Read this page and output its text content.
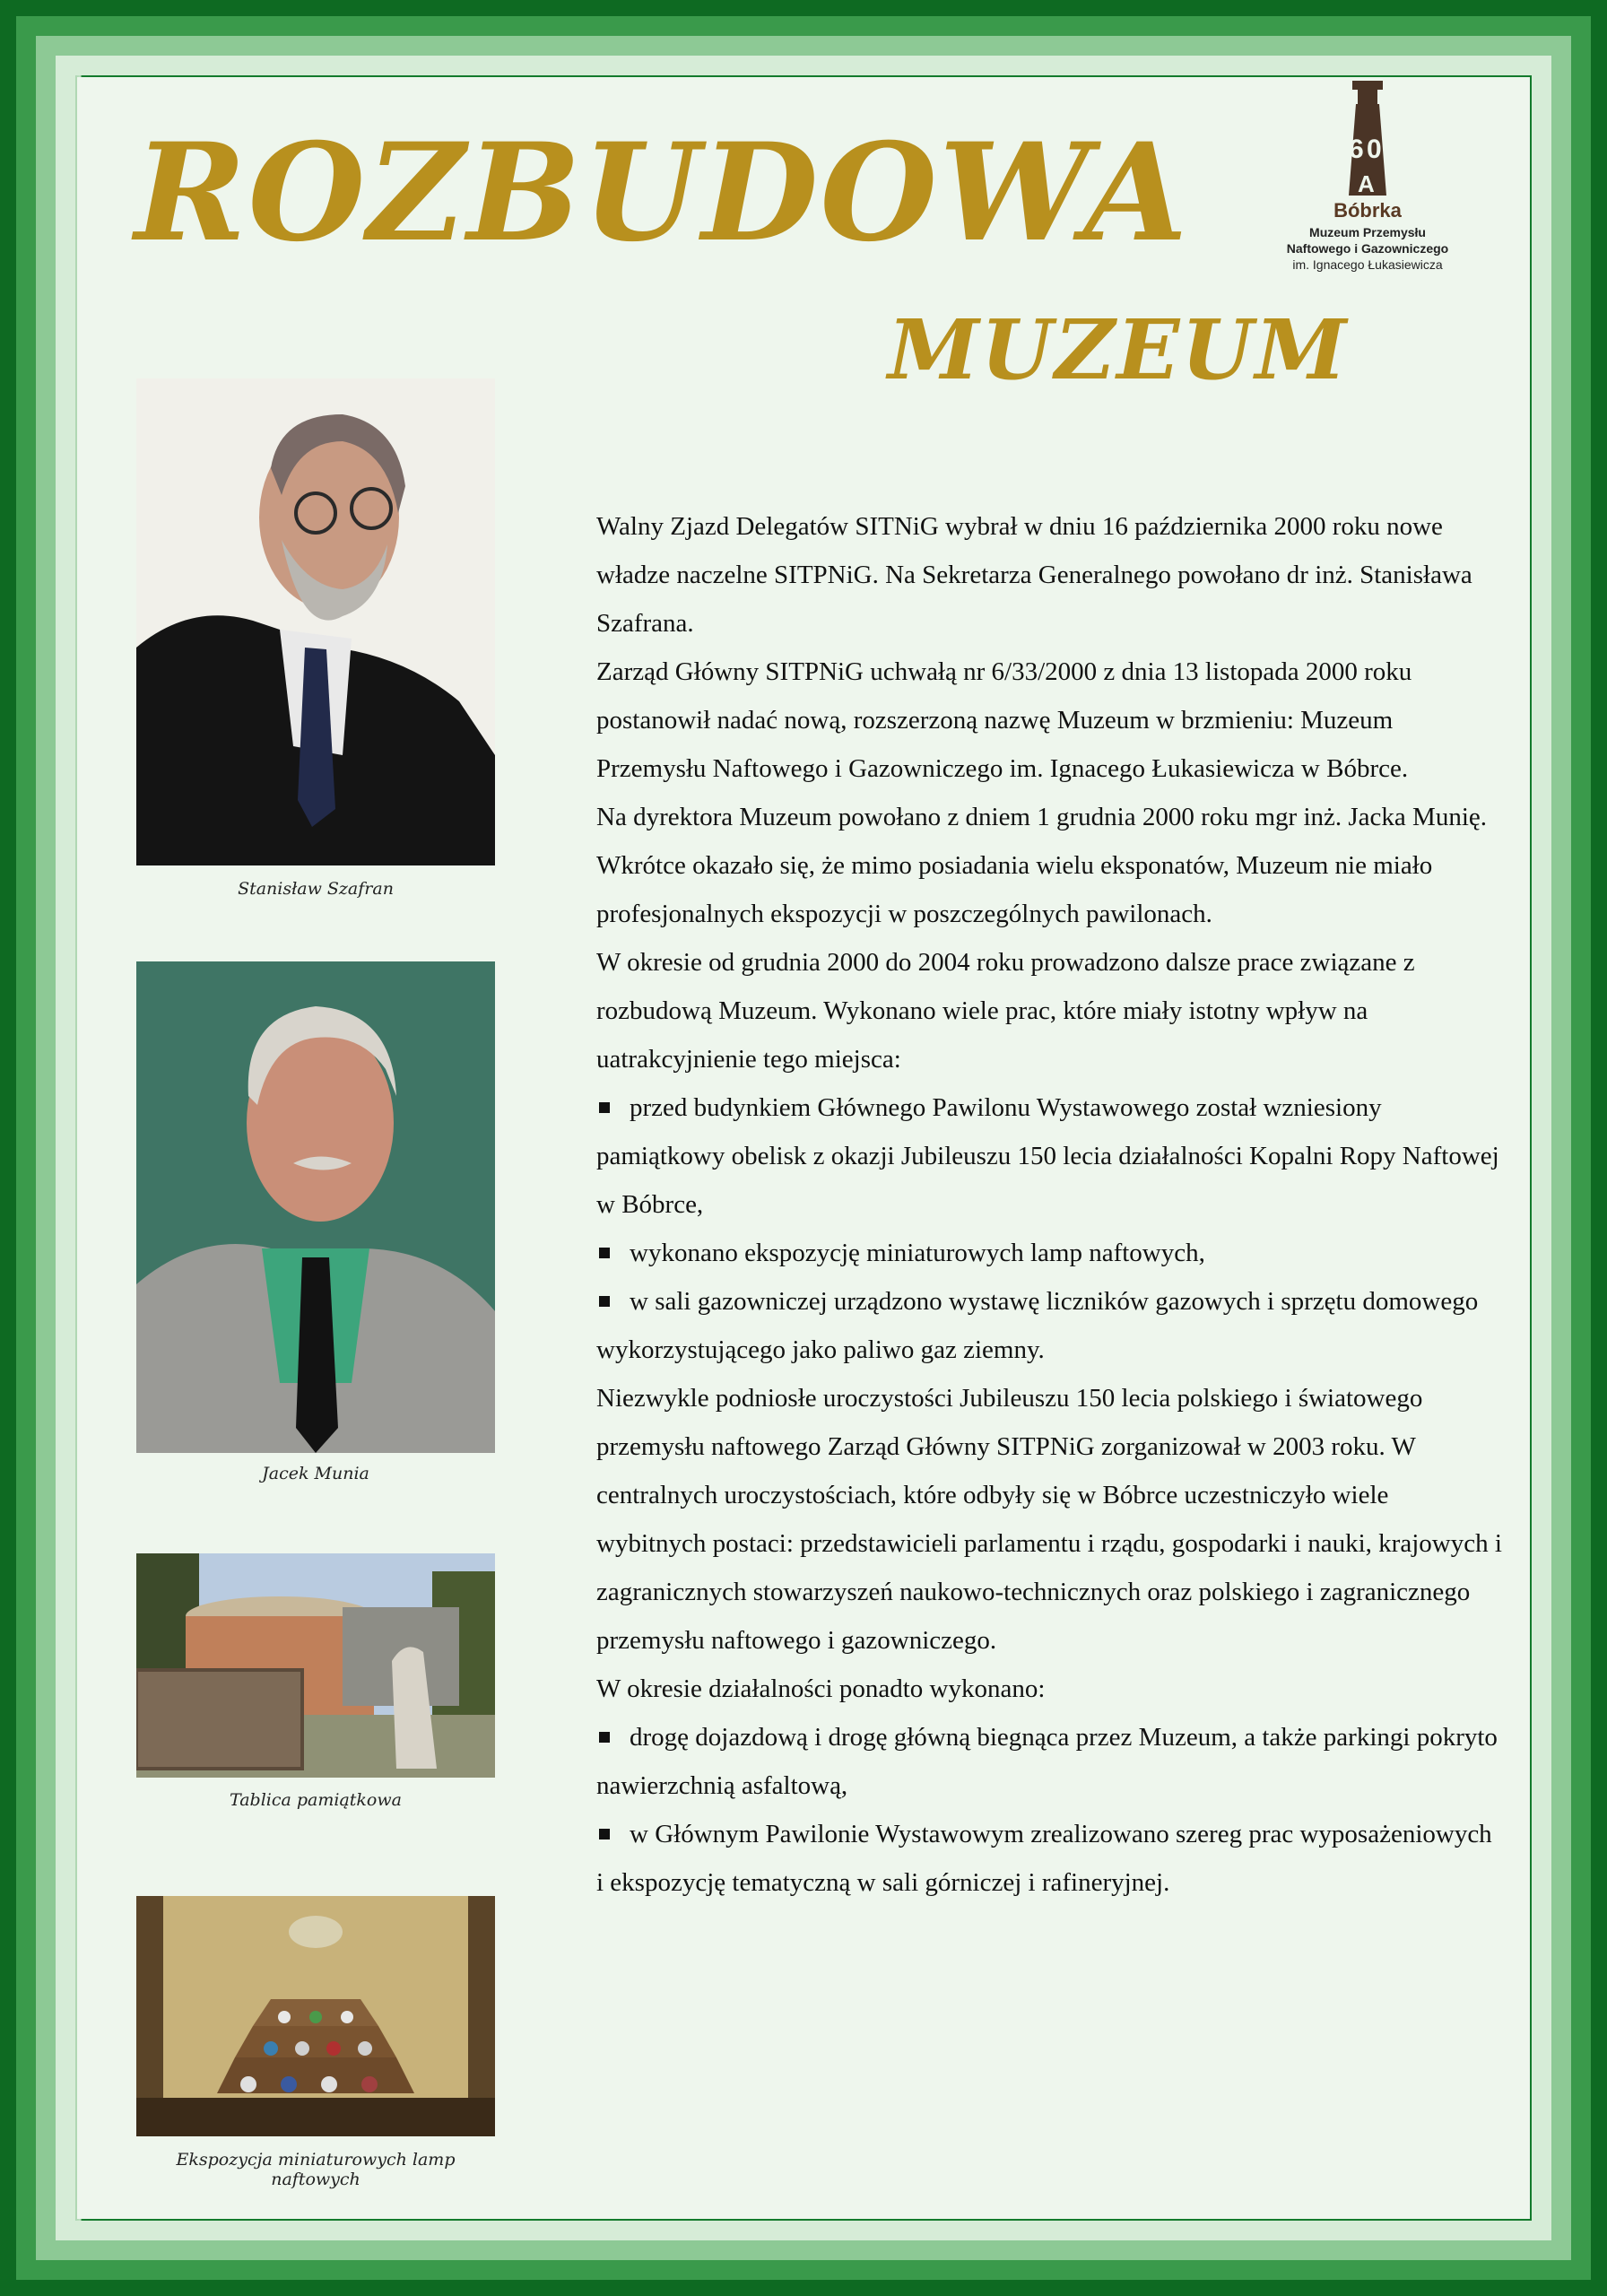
ROZBUDOWA
MUZEUM
6 0
A
Bóbrka
Muzeum Przemysłu
Naftowego i Gazowniczego
im. Ignacego Łukasiewicza
Stanisław Szafran
Jacek Munia
Tablica pamiątkowa
Ekspozycja miniaturowych lamp naftowych

Walny Zjazd Delegatów SITNiG wybrał w dniu 16 października 2000 roku nowe władze naczelne SITPNiG. Na Sekretarza Generalnego powołano dr inż. Stanisława Szafrana.

Zarząd Główny SITPNiG uchwałą nr 6/33/2000 z dnia 13 listopada 2000 roku postanowił nadać nową, rozszerzoną nazwę Muzeum w brzmieniu: Muzeum Przemysłu Naftowego i Gazowniczego im. Ignacego Łukasiewicza w Bóbrce.

Na dyrektora Muzeum powołano z dniem 1 grudnia 2000 roku mgr inż. Jacka Munię.

Wkrótce okazało się, że mimo posiadania wielu eksponatów, Muzeum nie miało profesjonalnych ekspozycji w poszczególnych pawilonach.

W okresie od grudnia 2000 do 2004 roku prowadzono dalsze prace związane z rozbudową Muzeum. Wykonano wiele prac, które miały istotny wpływ na uatrakcyjnienie tego miejsca:

przed budynkiem Głównego Pawilonu Wystawowego został wzniesiony pamiątkowy obelisk z okazji Jubileuszu 150 lecia działalności Kopalni Ropy Naftowej w Bóbrce,

wykonano ekspozycję miniaturowych lamp naftowych,

w sali gazowniczej urządzono wystawę liczników gazowych i sprzętu domowego wykorzystującego jako paliwo gaz ziemny.

Niezwykle podniosłe uroczystości Jubileuszu 150 lecia polskiego i światowego przemysłu naftowego Zarząd Główny SITPNiG zorganizował w 2003 roku. W centralnych uroczystościach, które odbyły się w Bóbrce uczestniczyło wiele wybitnych postaci: przedstawicieli parlamentu i rządu, gospodarki i nauki, krajowych i zagranicznych stowarzyszeń naukowo-technicznych oraz polskiego i zagranicznego przemysłu naftowego i gazowniczego.

W okresie działalności ponadto wykonano:

drogę dojazdową i drogę główną biegnąca przez Muzeum, a także parkingi pokryto nawierzchnią asfaltową,

w Głównym Pawilonie Wystawowym zrealizowano szereg prac wyposażeniowych i ekspozycję tematyczną w sali górniczej i rafineryjnej.
